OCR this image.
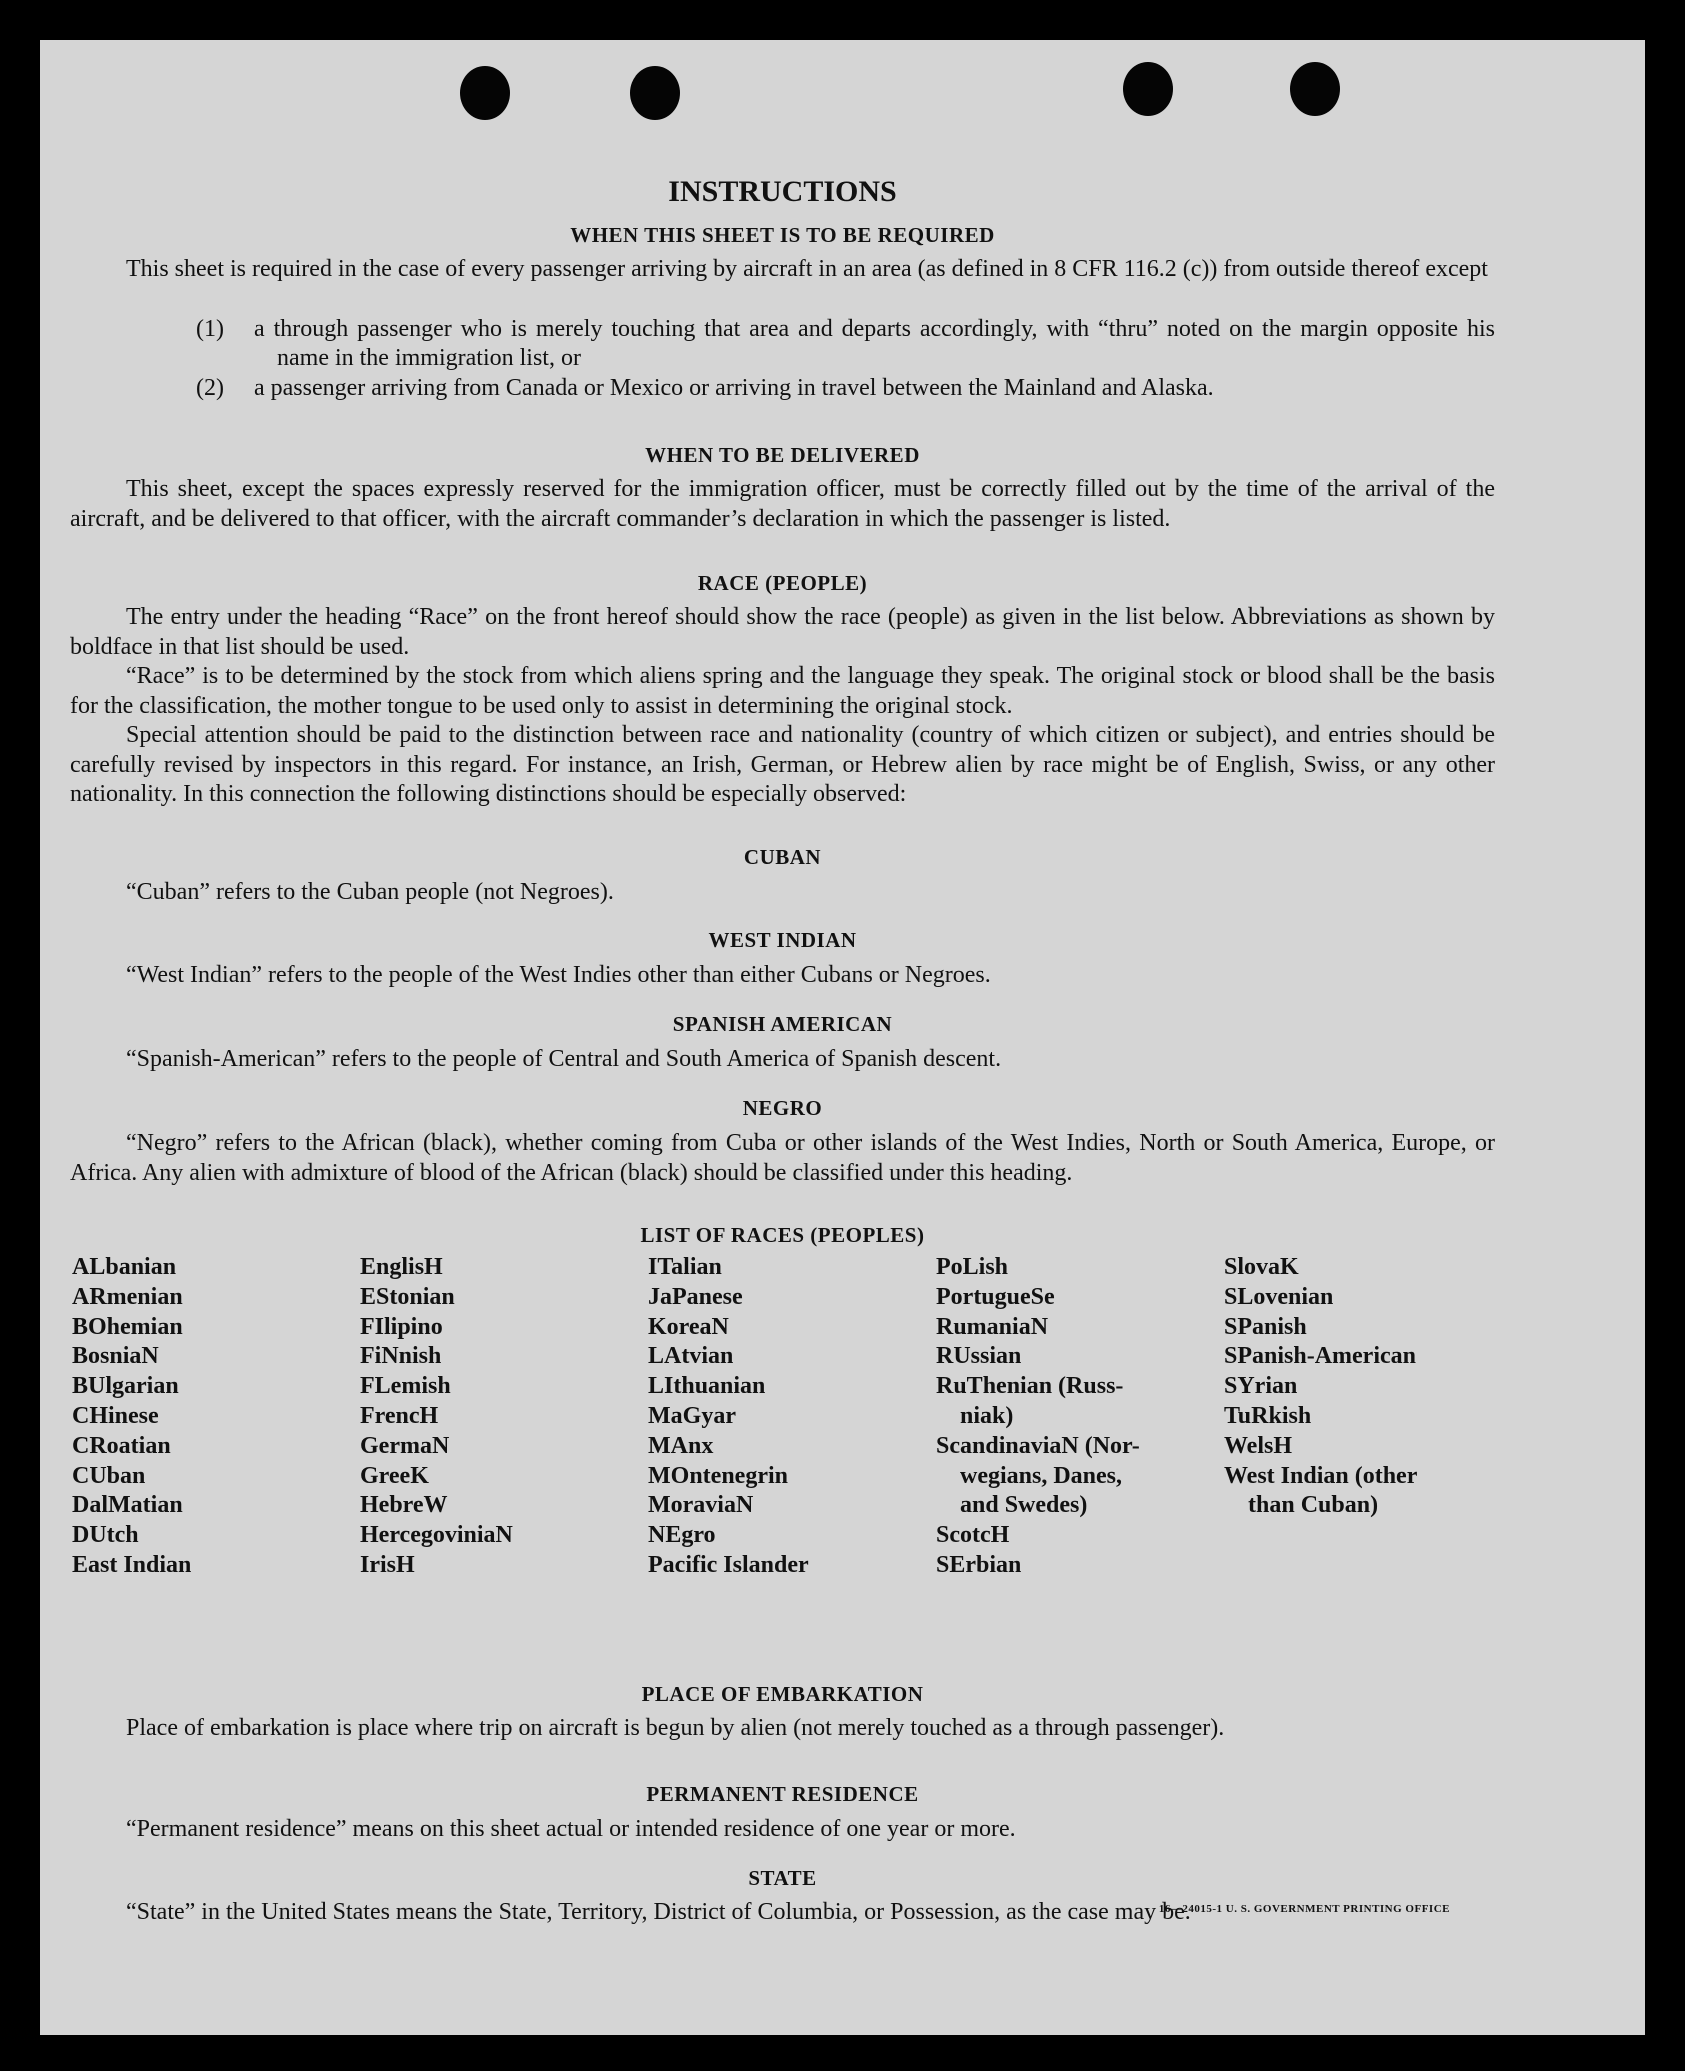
INSTRUCTIONS
WHEN THIS SHEET IS TO BE REQUIRED

This sheet is required in the case of every passenger arriving by aircraft in an area (as defined in 8 CFR 116.2 (c)) from outside thereof except

(1) a through passenger who is merely touching that area and departs accordingly, with “thru” noted on the margin opposite his name in the immigration list, or
(2) a passenger arriving from Canada or Mexico or arriving in travel between the Mainland and Alaska.
WHEN TO BE DELIVERED

This sheet, except the spaces expressly reserved for the immigration officer, must be correctly filled out by the time of the arrival of the aircraft, and be delivered to that officer, with the aircraft commander’s declaration in which the passenger is listed.

RACE (PEOPLE)

The entry under the heading “Race” on the front hereof should show the race (people) as given in the list below. Abbreviations as shown by boldface in that list should be used.

“Race” is to be determined by the stock from which aliens spring and the language they speak. The original stock or blood shall be the basis for the classification, the mother tongue to be used only to assist in determining the original stock.

Special attention should be paid to the distinction between race and nationality (country of which citizen or subject), and entries should be carefully revised by inspectors in this regard. For instance, an Irish, German, or Hebrew alien by race might be of English, Swiss, or any other nationality. In this connection the following distinctions should be especially observed:

CUBAN

“Cuban” refers to the Cuban people (not Negroes).

WEST INDIAN

“West Indian” refers to the people of the West Indies other than either Cubans or Negroes.

SPANISH AMERICAN

“Spanish-American” refers to the people of Central and South America of Spanish descent.

NEGRO

“Negro” refers to the African (black), whether coming from Cuba or other islands of the West Indies, North or South America, Europe, or Africa. Any alien with admixture of blood of the African (black) should be classified under this heading.

LIST OF RACES (PEOPLES)
ALbanian
ARmenian
BOhemian
BosniaN
BUlgarian
CHinese
CRoatian
CUban
DalMatian
DUtch
East Indian
EnglisH
EStonian
FIlipino
FiNnish
FLemish
FrencH
GermaN
GreeK
HebreW
HercegoviniaN
IrisH
ITalian
JaPanese
KoreaN
LAtvian
LIthuanian
MaGyar
MAnx
MOntenegrin
MoraviaN
NEgro
Pacific Islander
PoLish
PortugueSe
RumaniaN
RUssian
RuThenian (Russ-
niak)
ScandinaviaN (Nor-
wegians, Danes,
and Swedes)
ScotcH
SErbian
SlovaK
SLovenian
SPanish
SPanish-American
SYrian
TuRkish
WelsH
West Indian (other
than Cuban)
PLACE OF EMBARKATION

Place of embarkation is place where trip on aircraft is begun by alien (not merely touched as a through passenger).

PERMANENT RESIDENCE

“Permanent residence” means on this sheet actual or intended residence of one year or more.

STATE

“State” in the United States means the State, Territory, District of Columbia, or Possession, as the case may be.

16—24015-1 U. S. GOVERNMENT PRINTING OFFICE
